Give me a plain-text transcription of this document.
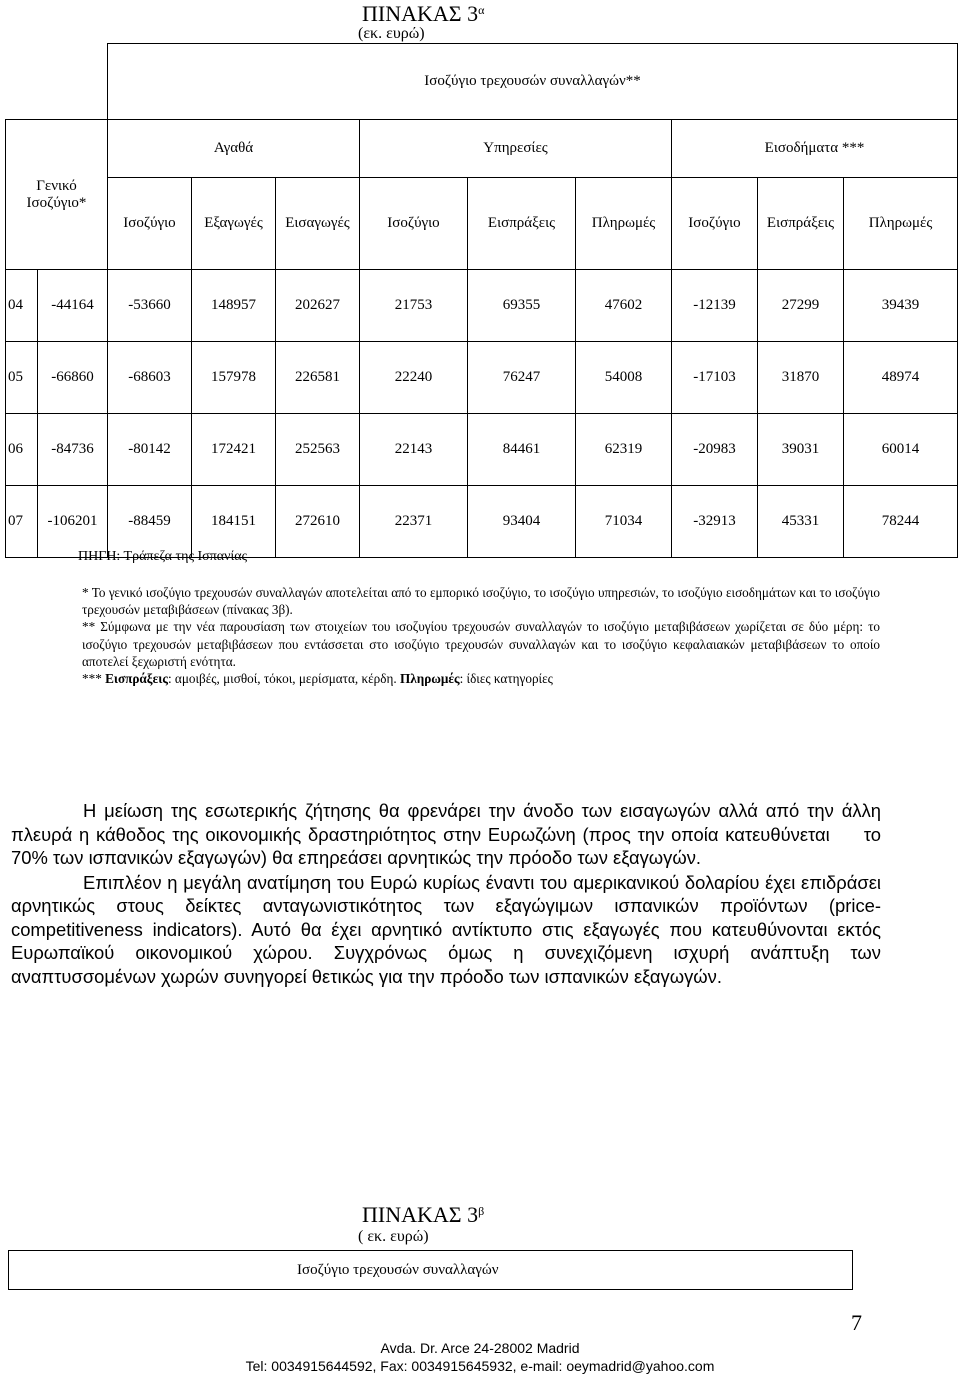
ΠΙΝΑΚΑΣ $3^\alpha$
(εκ. ευρώ)
		Ισοζύγιο τρεχουσών συναλλαγών**								
Γενικό Ισοζύγιο*		Αγαθά			Υπηρεσίες			Εισοδήματα ***		
		Ισοζύγιο	Εξαγωγές	Εισαγωγές	Ισοζύγιο	Εισπράξεις	Πληρωμές	Ισοζύγιο	Εισπράξεις	Πληρωμές
04	-44164	-53660	148957	202627	21753	69355	47602	-12139	27299	39439
05	-66860	-68603	157978	226581	22240	76247	54008	-17103	31870	48974
06	-84736	-80142	172421	252563	22143	84461	62319	-20983	39031	60014
07	-106201	-88459	184151	272610	22371	93404	71034	-32913	45331	78244
ΠΗΓΗ: Τράπεζα της Ισπανίας

* Το γενικό ισοζύγιο τρεχουσών συναλλαγών αποτελείται από το εμπορικό ισοζύγιο, το ισοζύγιο υπηρεσιών, το ισοζύγιο εισοδημάτων και το ισοζύγιο τρεχουσών μεταβιβάσεων (πίνακας 3β).

** Σύμφωνα με την νέα παρουσίαση των στοιχείων του ισοζυγίου τρεχουσών συναλλαγών το ισοζύγιο μεταβιβάσεων χωρίζεται σε δύο μέρη: το ισοζύγιο τρεχουσών μεταβιβάσεων που εντάσσεται στο ισοζύγιο τρεχουσών συναλλαγών και το ισοζύγιο κεφαλαιακών μεταβιβάσεων το οποίο αποτελεί ξεχωριστή ενότητα.

*** Εισπράξεις: αμοιβές, μισθοί, τόκοι, μερίσματα, κέρδη. Πληρωμές: ίδιες κατηγορίες

Η μείωση της εσωτερικής ζήτησης θα φρενάρει την άνοδο των εισαγωγών αλλά από την άλλη πλευρά η κάθοδος της οικονομικής δραστηριότητος στην Ευρωζώνη (προς την οποία κατευθύνεται το 70% των ισπανικών εξαγωγών) θα επηρεάσει αρνητικώς την πρόοδο των εξαγωγών.

Επιπλέον η μεγάλη ανατίμηση του Ευρώ κυρίως έναντι του αμερικανικού δολαρίου έχει επιδράσει αρνητικώς στους δείκτες ανταγωνιστικότητος των εξαγώγιμων ισπανικών προϊόντων (price-competitiveness indicators). Αυτό θα έχει αρνητικό αντίκτυπο στις εξαγωγές που κατευθύνονται εκτός Ευρωπαϊκού οικονομικού χώρου. Συγχρόνως όμως η συνεχιζόμενη ισχυρή ανάπτυξη των αναπτυσσομένων χωρών συνηγορεί θετικώς για την πρόοδο των ισπανικών εξαγωγών.

ΠΙΝΑΚΑΣ $3^\beta$
( εκ. ευρώ)
Ισοζύγιο τρεχουσών συναλλαγών
7
Avda. Dr. Arce 24-28002 Madrid
Tel: 0034915644592, Fax: 0034915645932, e-mail: oeymadrid@yahoo.com
